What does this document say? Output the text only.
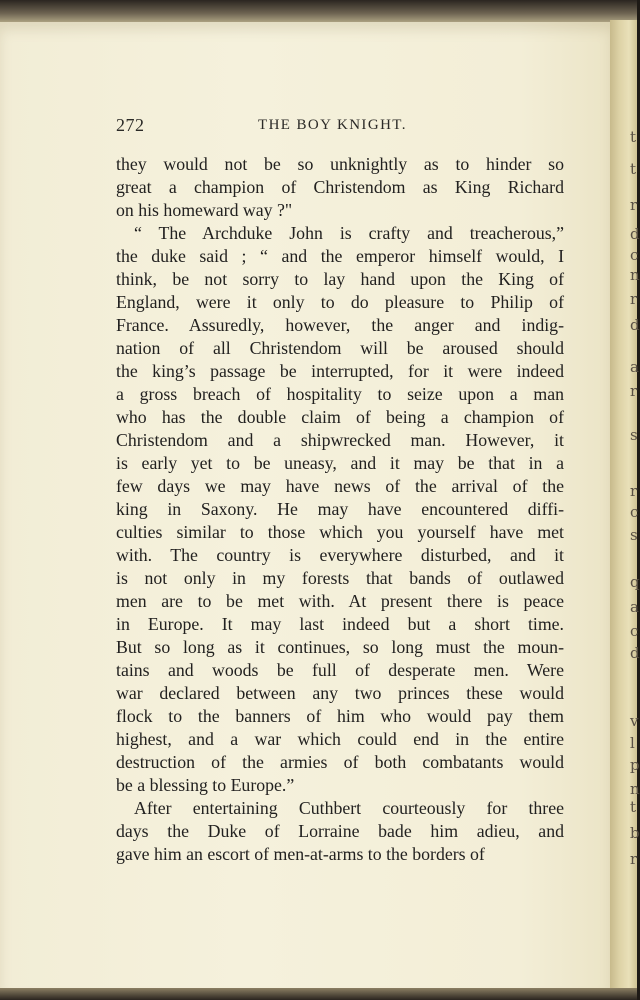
t
t
r
d
c
n
r
d
a
r
s
r
c
s
q
a
c
d
v
l
p
n
t
b
r
272	THE BOY KNIGHT.
they would not be so unknightly as to hinder so
great a champion of Christendom as King Richard
on his homeward way ?"
“ The Archduke John is crafty and treacherous,”
the duke said ; “ and the emperor himself would, I
think, be not sorry to lay hand upon the King of
England, were it only to do pleasure to Philip of
France. Assuredly, however, the anger and indig-
nation of all Christendom will be aroused should
the king’s passage be interrupted, for it were indeed
a gross breach of hospitality to seize upon a man
who has the double claim of being a champion of
Christendom and a shipwrecked man. However, it
is early yet to be uneasy, and it may be that in a
few days we may have news of the arrival of the
king in Saxony. He may have encountered diffi-
culties similar to those which you yourself have met
with. The country is everywhere disturbed, and it
is not only in my forests that bands of outlawed
men are to be met with. At present there is peace
in Europe. It may last indeed but a short time.
But so long as it continues, so long must the moun-
tains and woods be full of desperate men. Were
war declared between any two princes these would
flock to the banners of him who would pay them
highest, and a war which could end in the entire
destruction of the armies of both combatants would
be a blessing to Europe.”
After entertaining Cuthbert courteously for three
days the Duke of Lorraine bade him adieu, and
gave him an escort of men-at-arms to the borders of
